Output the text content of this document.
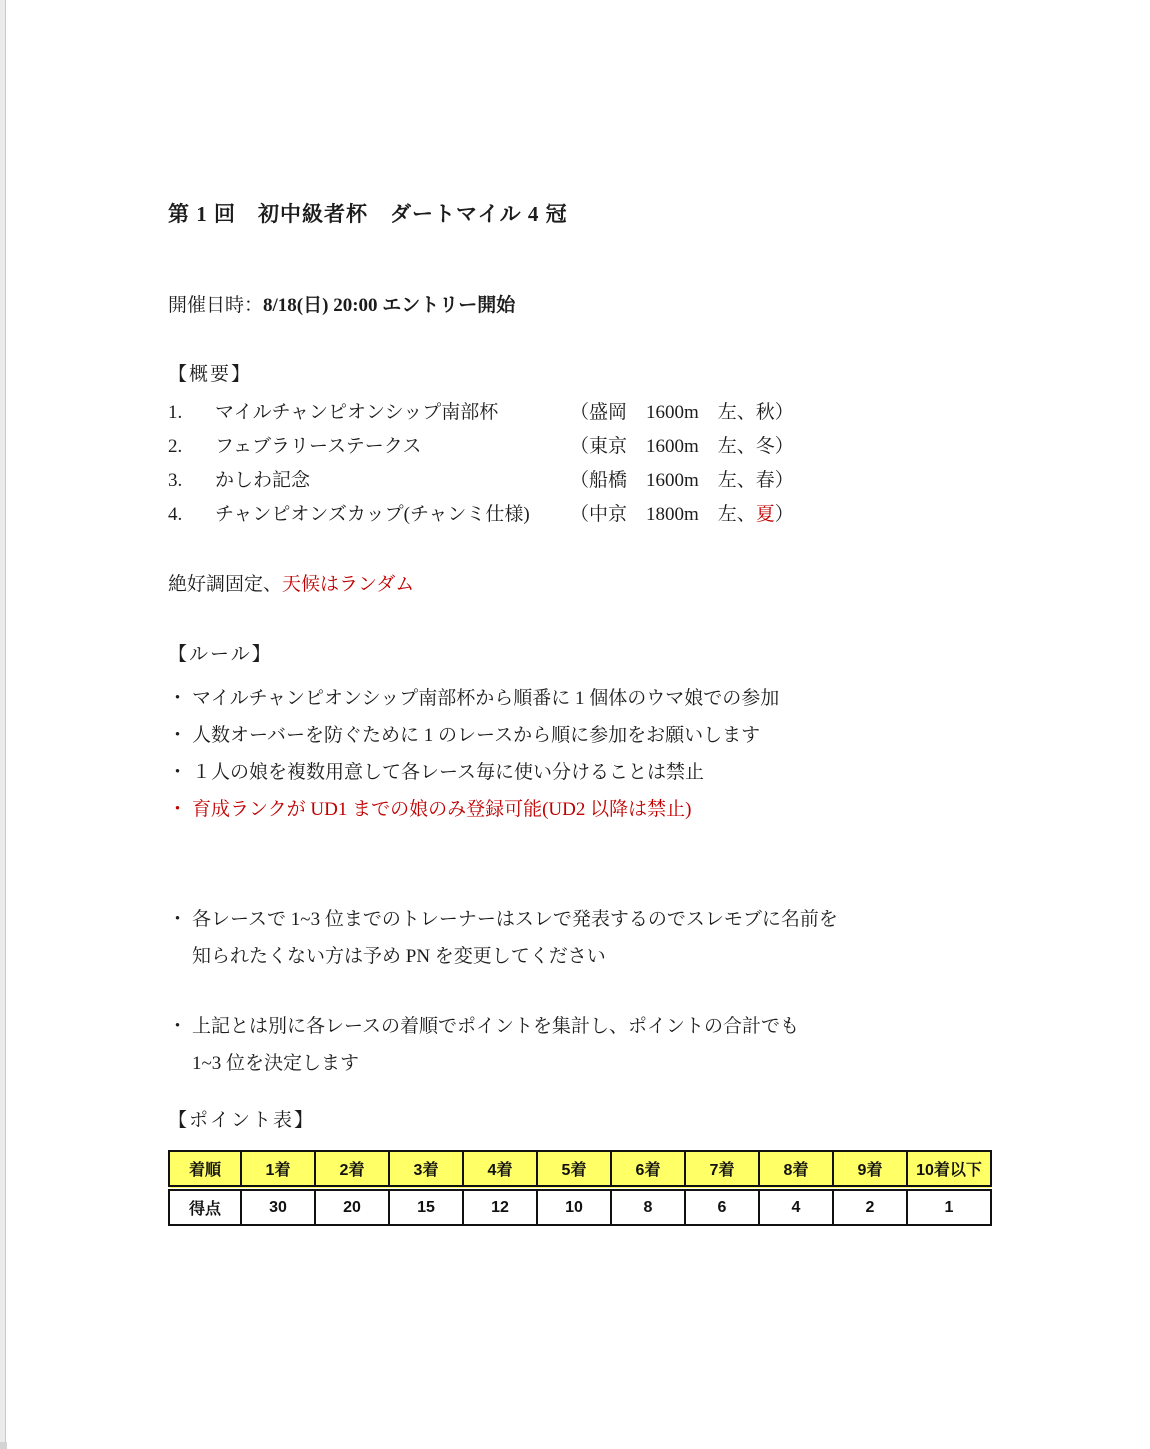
第 1 回　初中級者杯　ダートマイル 4 冠
開催日時：8/18(日) 20:00 エントリー開始
【概要】
1.	マイルチャンピオンシップ南部杯	（盛岡　1600m　左、秋）
2.	フェブラリーステークス	（東京　1600m　左、冬）
3.	かしわ記念	（船橋　1600m　左、春）
4.	チャンピオンズカップ(チャンミ仕様)	（中京　1800m　左、夏）
絶好調固定、天候はランダム
【ルール】
・ マイルチャンピオンシップ南部杯から順番に 1 個体のウマ娘での参加
・ 人数オーバーを防ぐために 1 のレースから順に参加をお願いします
・ １人の娘を複数用意して各レース毎に使い分けることは禁止
・ 育成ランクが UD1 までの娘のみ登録可能(UD2 以降は禁止)
・ 各レースで 1~3 位までのトレーナーはスレで発表するのでスレモブに名前を
知られたくない方は予め PN を変更してください
・ 上記とは別に各レースの着順でポイントを集計し、ポイントの合計でも
1~3 位を決定します
【ポイント表】
着順	1着	2着	3着	4着	5着	6着	7着	8着	9着	10着以下
得点	30	20	15	12	10	8	6	4	2	1
